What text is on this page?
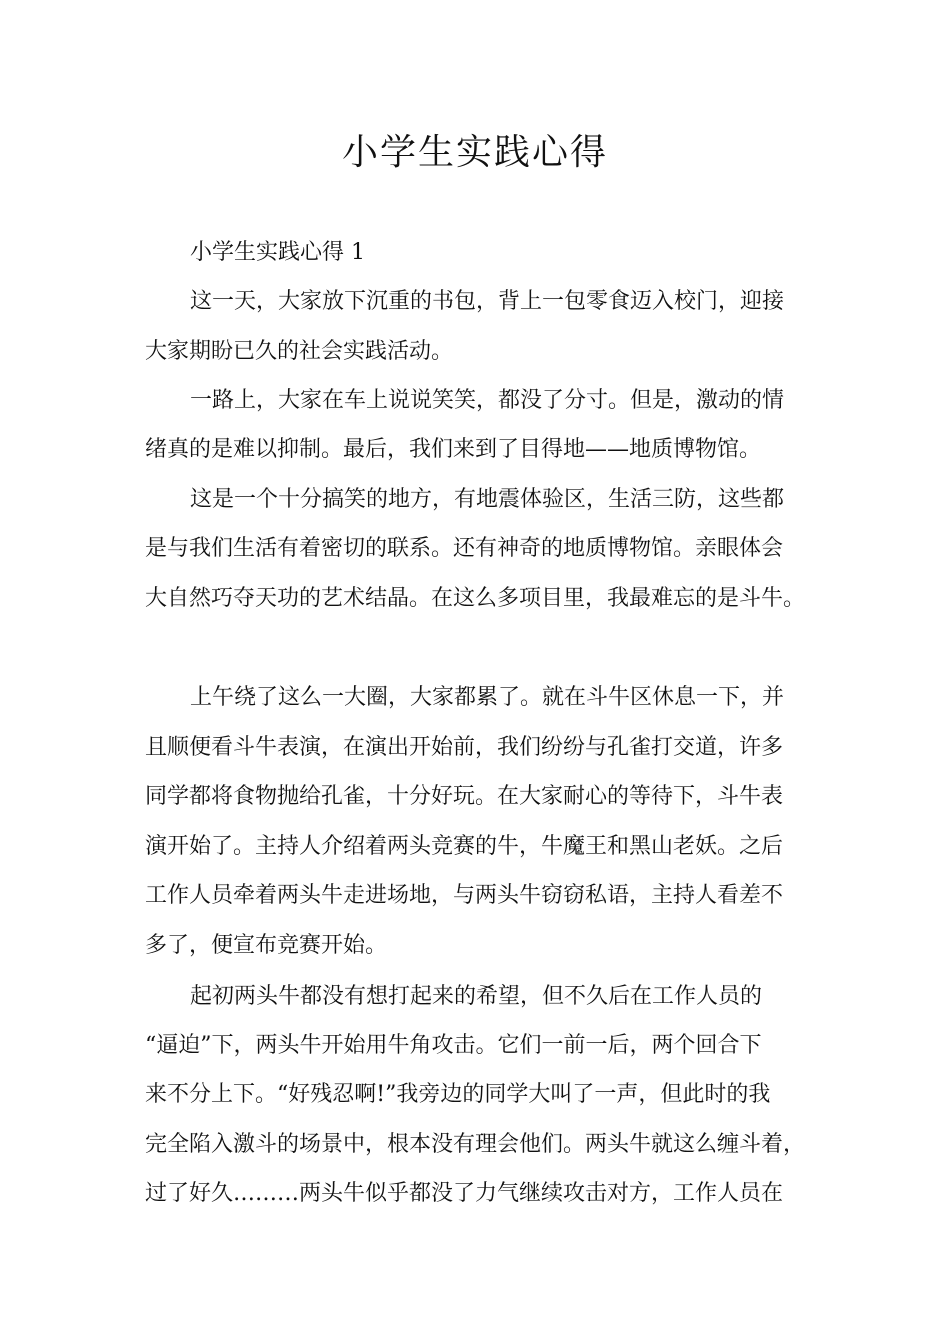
小学生实践心得

小学生实践心得 1

这一天，大家放下沉重的书包，背上一包零食迈入校门，迎接

大家期盼已久的社会实践活动。

一路上，大家在车上说说笑笑，都没了分寸。但是，激动的情

绪真的是难以抑制。最后，我们来到了目得地——地质博物馆。

这是一个十分搞笑的地方，有地震体验区，生活三防，这些都

是与我们生活有着密切的联系。还有神奇的地质博物馆。亲眼体会

大自然巧夺天功的艺术结晶。在这么多项目里，我最难忘的是斗牛。

上午绕了这么一大圈，大家都累了。就在斗牛区休息一下，并

且顺便看斗牛表演，在演出开始前，我们纷纷与孔雀打交道，许多

同学都将食物抛给孔雀，十分好玩。在大家耐心的等待下，斗牛表

演开始了。主持人介绍着两头竞赛的牛，牛魔王和黑山老妖。之后

工作人员牵着两头牛走进场地，与两头牛窃窃私语，主持人看差不

多了，便宣布竞赛开始。

起初两头牛都没有想打起来的希望，但不久后在工作人员的

“逼迫”下，两头牛开始用牛角攻击。它们一前一后，两个回合下

来不分上下。“好残忍啊!”我旁边的同学大叫了一声，但此时的我

完全陷入激斗的场景中，根本没有理会他们。两头牛就这么缠斗着，

过了好久………两头牛似乎都没了力气继续攻击对方，工作人员在
